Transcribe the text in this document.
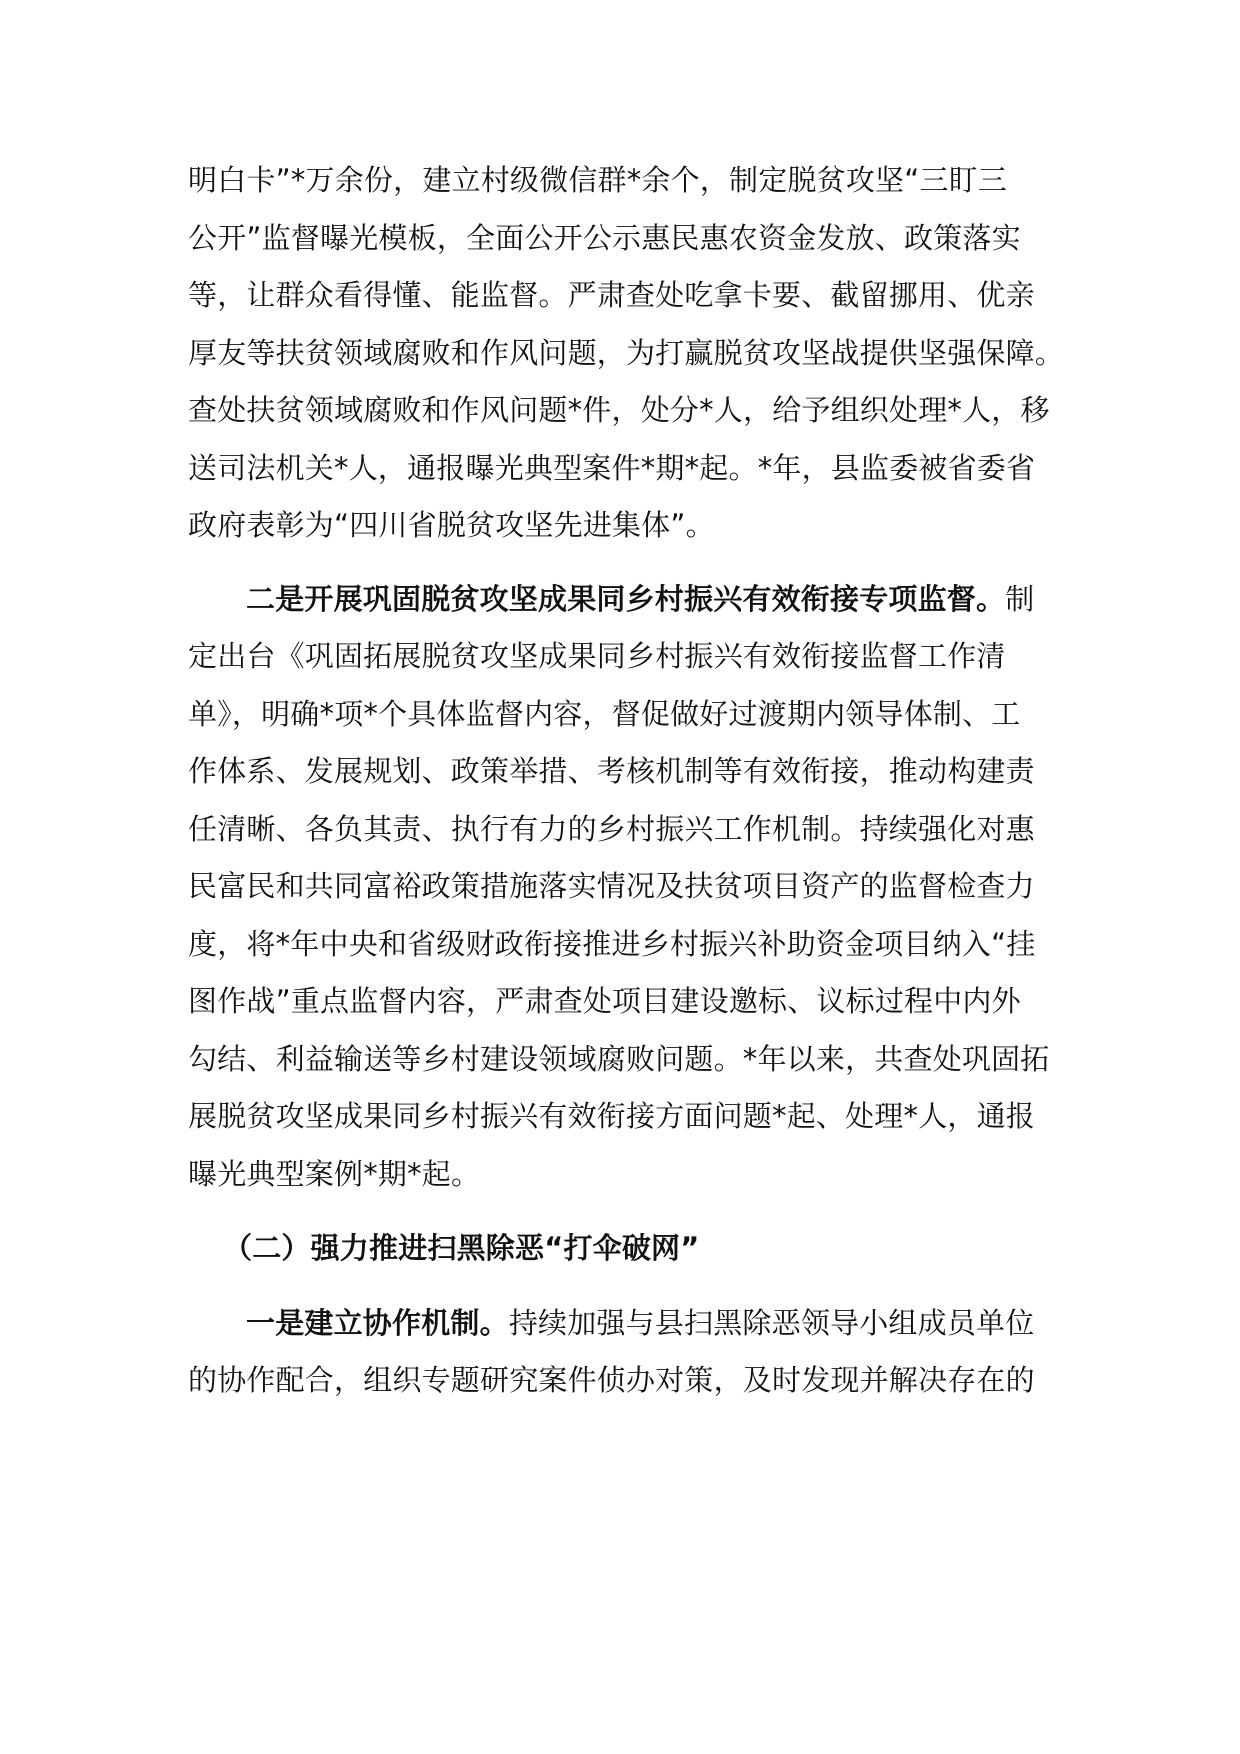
明白卡”*万余份，建立村级微信群*余个，制定脱贫攻坚“三盯三
公开”监督曝光模板，全面公开公示惠民惠农资金发放、政策落实
等，让群众看得懂、能监督。严肃查处吃拿卡要、截留挪用、优亲
厚友等扶贫领域腐败和作风问题，为打赢脱贫攻坚战提供坚强保障。
查处扶贫领域腐败和作风问题*件，处分*人，给予组织处理*人，移
送司法机关*人，通报曝光典型案件*期*起。*年，县监委被省委省
政府表彰为“四川省脱贫攻坚先进集体”。
二是开展巩固脱贫攻坚成果同乡村振兴有效衔接专项监督。制
定出台《巩固拓展脱贫攻坚成果同乡村振兴有效衔接监督工作清
单》，明确*项*个具体监督内容，督促做好过渡期内领导体制、工
作体系、发展规划、政策举措、考核机制等有效衔接，推动构建责
任清晰、各负其责、执行有力的乡村振兴工作机制。持续强化对惠
民富民和共同富裕政策措施落实情况及扶贫项目资产的监督检查力
度，将*年中央和省级财政衔接推进乡村振兴补助资金项目纳入“挂
图作战”重点监督内容，严肃查处项目建设邀标、议标过程中内外
勾结、利益输送等乡村建设领域腐败问题。*年以来，共查处巩固拓
展脱贫攻坚成果同乡村振兴有效衔接方面问题*起、处理*人，通报
曝光典型案例*期*起。
（二）强力推进扫黑除恶“打伞破网”
一是建立协作机制。持续加强与县扫黑除恶领导小组成员单位
的协作配合，组织专题研究案件侦办对策，及时发现并解决存在的
